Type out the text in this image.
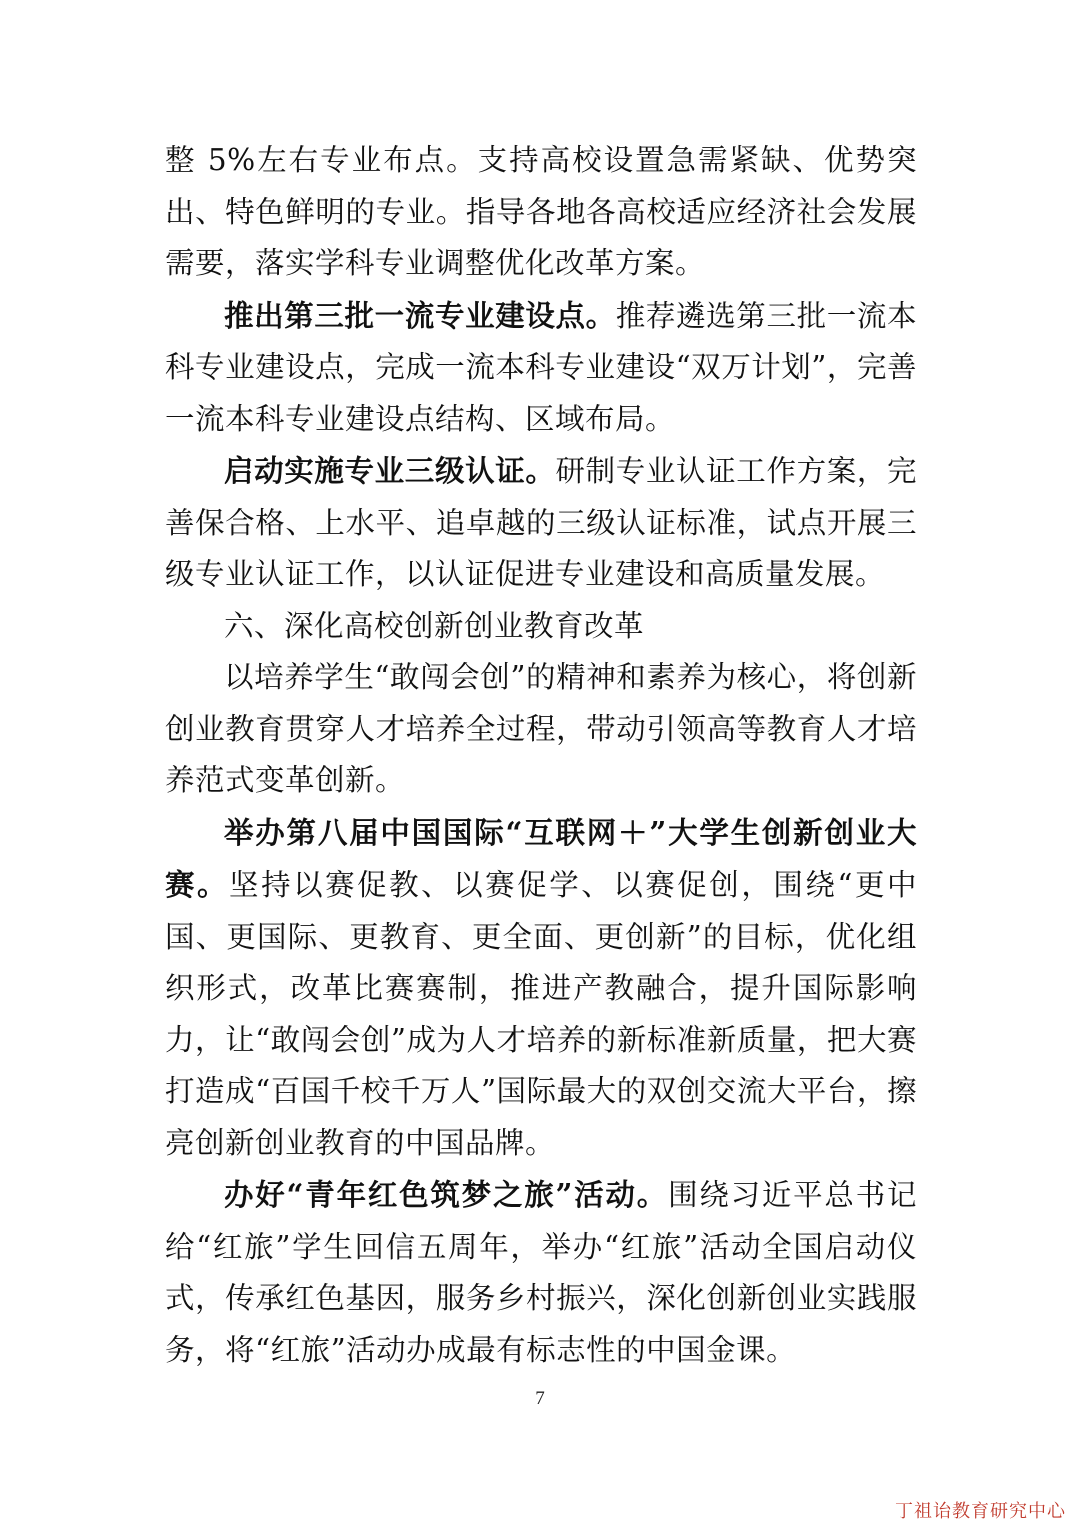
整 5%左右专业布点。支持高校设置急需紧缺、优势突出、特色鲜明的专业。指导各地各高校适应经济社会发展需要，落实学科专业调整优化改革方案。

推出第三批一流专业建设点。推荐遴选第三批一流本科专业建设点，完成一流本科专业建设“双万计划”，完善一流本科专业建设点结构、区域布局。

启动实施专业三级认证。研制专业认证工作方案，完善保合格、上水平、追卓越的三级认证标准，试点开展三级专业认证工作，以认证促进专业建设和高质量发展。

六、深化高校创新创业教育改革

以培养学生“敢闯会创”的精神和素养为核心，将创新创业教育贯穿人才培养全过程，带动引领高等教育人才培养范式变革创新。

举办第八届中国国际“互联网＋”大学生创新创业大赛。坚持以赛促教、以赛促学、以赛促创，围绕“更中国、更国际、更教育、更全面、更创新”的目标，优化组织形式，改革比赛赛制，推进产教融合，提升国际影响力，让“敢闯会创”成为人才培养的新标准新质量，把大赛打造成“百国千校千万人”国际最大的双创交流大平台，擦亮创新创业教育的中国品牌。

办好“青年红色筑梦之旅”活动。围绕习近平总书记给“红旅”学生回信五周年，举办“红旅”活动全国启动仪式，传承红色基因，服务乡村振兴，深化创新创业实践服务，将“红旅”活动办成最有标志性的中国金课。

7
丁祖诒教育研究中心
